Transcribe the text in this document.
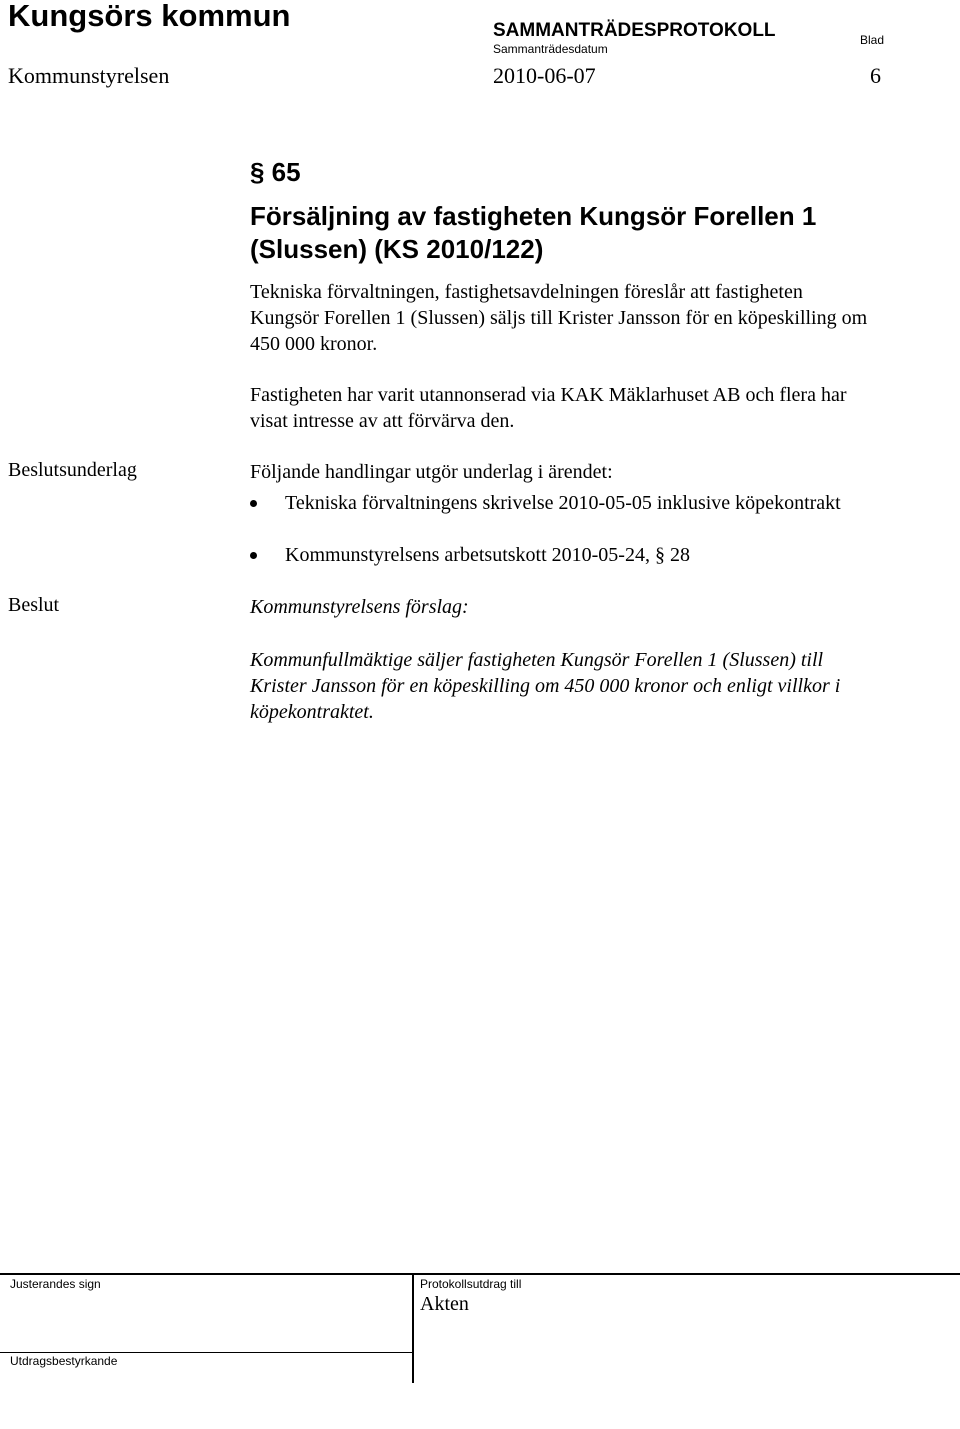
Kungsörs kommun	SAMMANTRÄDESPROTOKOLL
Sammanträdesdatum
Blad
Kommunstyrelsen	2010-06-07	6
§ 65
Försäljning av fastigheten Kungsör Forellen 1 (Slussen) (KS 2010/122)
Tekniska förvaltningen, fastighetsavdelningen föreslår att fastigheten Kungsör Forellen 1 (Slussen) säljs till Krister Jansson för en köpeskilling om 450 000 kronor.
Fastigheten har varit utannonserad via KAK Mäklarhuset AB och flera har visat intresse av att förvärva den.
Beslutsunderlag	Följande handlingar utgör underlag i ärendet:
Tekniska förvaltningens skrivelse 2010-05-05 inklusive köpekontrakt
Kommunstyrelsens arbetsutskott 2010-05-24, § 28
Beslut	Kommunstyrelsens förslag:
Kommunfullmäktige säljer fastigheten Kungsör Forellen 1 (Slussen) till Krister Jansson för en köpeskilling om 450 000 kronor och enligt villkor i köpekontraktet.
Justerandes sign	Protokollsutdrag till
Akten
Utdragsbestyrkande
